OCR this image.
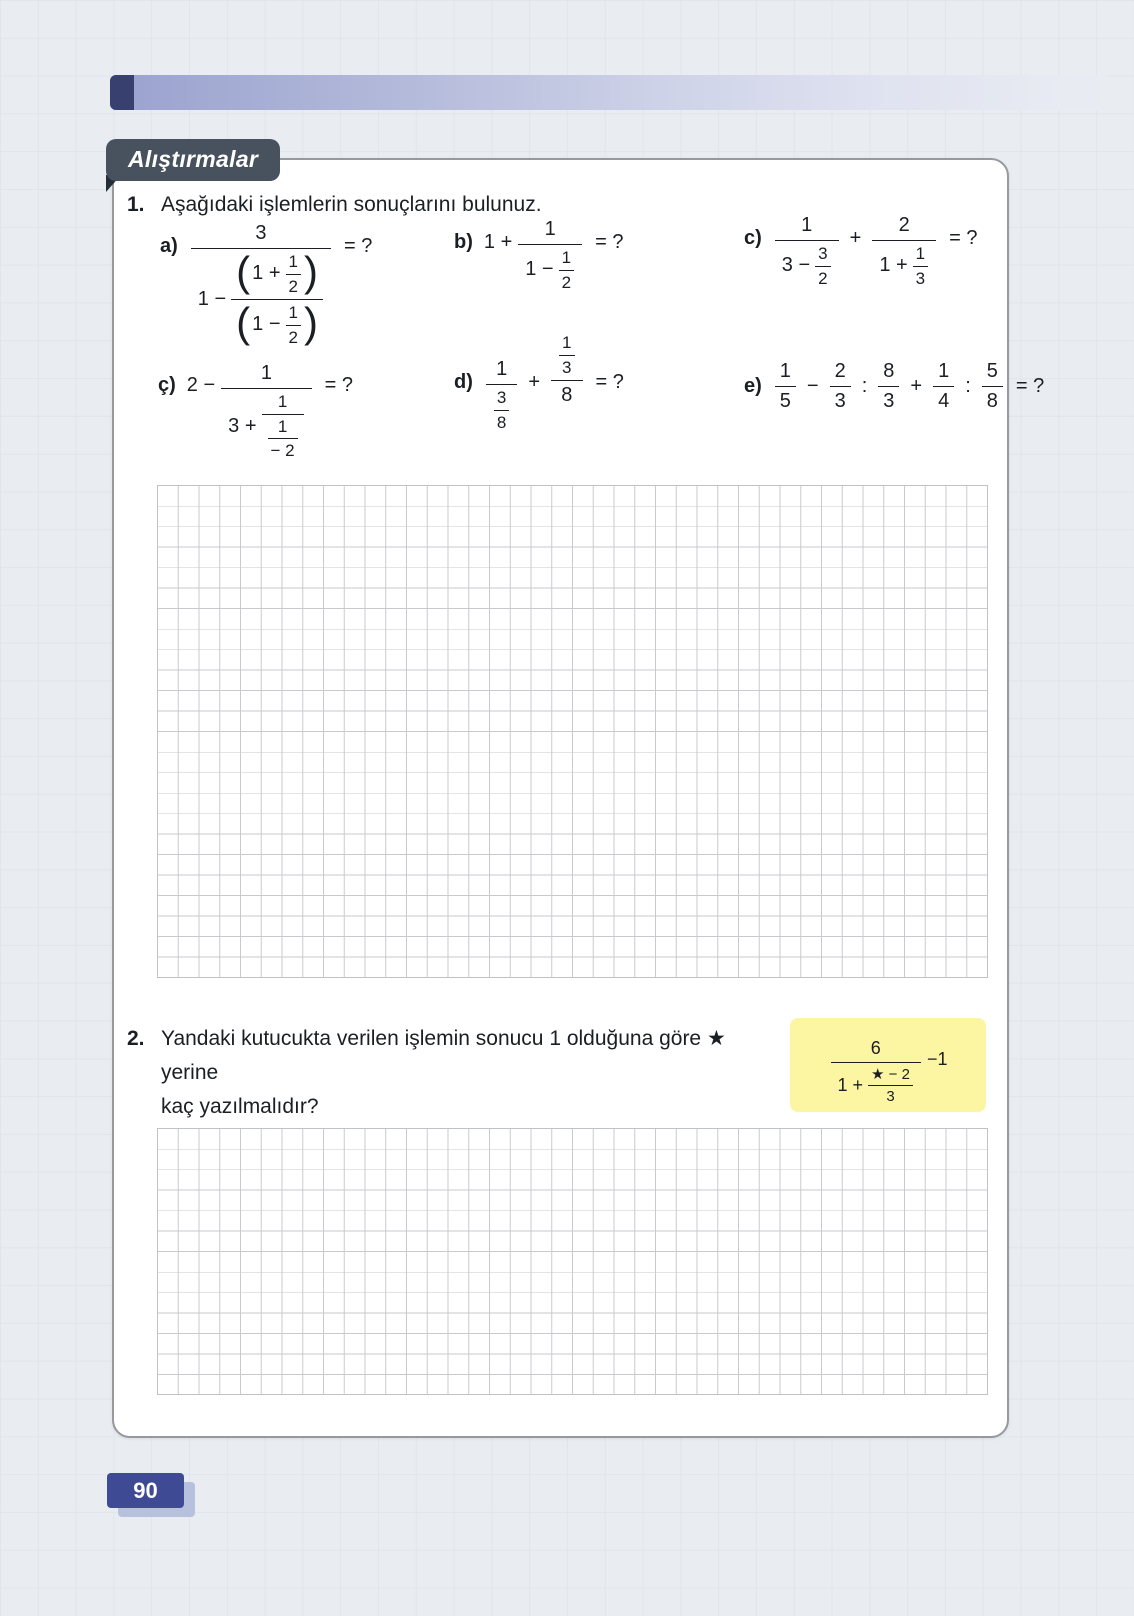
Alıştırmalar
1. Aşağıdaki işlemlerin sonuçlarını bulunuz.
$a) \frac{3}{1 - \frac{( 1 + \frac{1}{2} )}{( 1 - \frac{1}{2} )}}$ = ?	b) $1 + \frac{1}{1 - \frac{1}{2}}$ = ?	$c) \frac{1}{3 - \frac{3}{2}} + \frac{2}{1 + \frac{1}{3}}$ = ?
ç) $2 - \frac{1}{3 + \frac{1}{\frac{1}{- 2}}}$ = ?	$d) \frac{1}{\frac{3}{8}} + \frac{\frac{1}{3}}{8}$ = ?	$e) \frac{1}{5} - \frac{2}{3}$ : $\frac{8}{3} + \frac{1}{4}$ : $\frac{5}{8}$ = ?
2. Yandaki kutucukta verilen işlemin sonucu 1 olduğuna göre ★ yerine
kaç yazılmalıdır?
$\frac{6}{1 + \frac{★ - 2}{3}} -1$
90
